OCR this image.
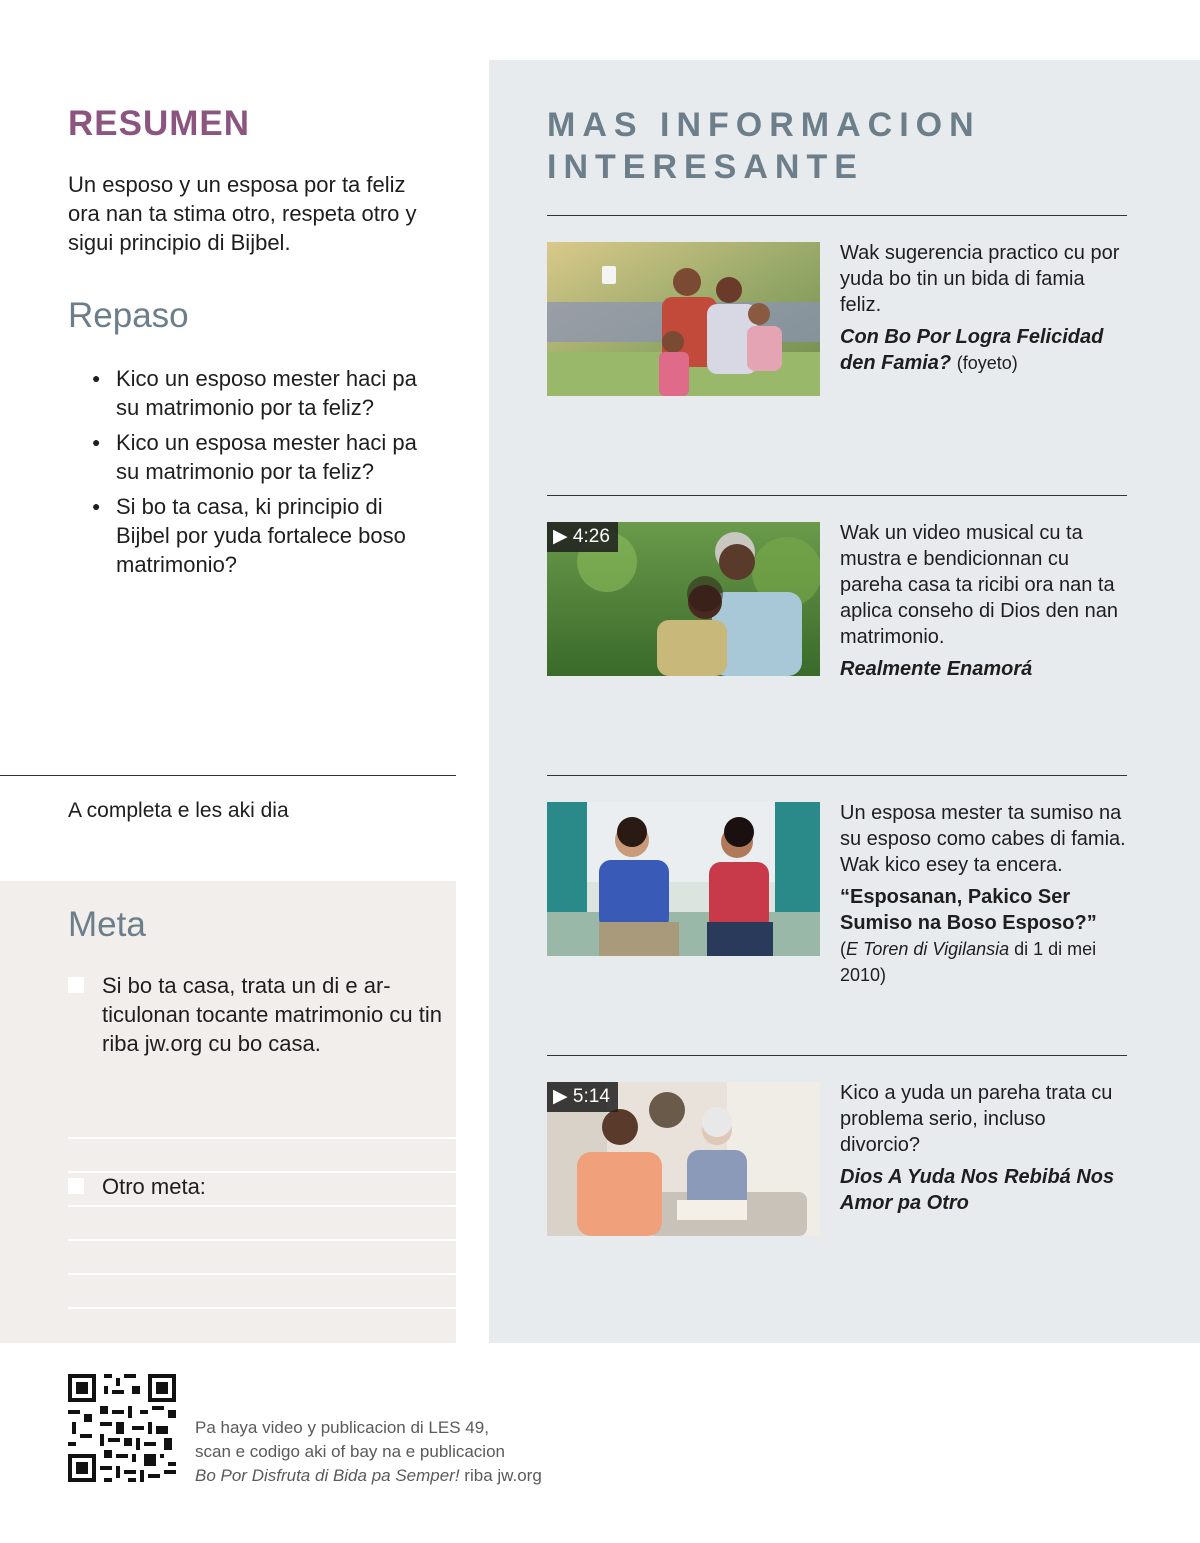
RESUMEN
Un esposo y un esposa por ta feliz ora nan ta stima otro, respeta otro y sigui principio di Bijbel.
Repaso
● Kico un esposo mester haci pa su matrimonio por ta feliz?
● Kico un esposa mester haci pa su matrimonio por ta feliz?
● Si bo ta casa, ki principio di Bijbel por yuda fortalece boso matrimonio?
A completa e les aki dia
Meta
Si bo ta casa, trata un di e ar-ticulonan tocante matrimonio cu tin riba jw.org cu bo casa.
Otro meta:
MAS INFORMACION
INTERESANTE
Wak sugerencia practico cu por yuda bo tin un bida di famia feliz.
Con Bo Por Logra Felicidad den Famia? (foyeto)
▶ 4:26	Wak un video musical cu ta mustra e bendicionnan cu pareha casa ta ricibi ora nan ta aplica conseho di Dios den nan matrimonio.
Realmente Enamorá
Un esposa mester ta sumiso na su esposo como cabes di famia. Wak kico esey ta encera.
“Esposanan, Pakico Ser Sumiso na Boso Esposo?”
(E Toren di Vigilansia di 1 di mei 2010)
▶ 5:14	Kico a yuda un pareha trata cu problema serio, incluso divorcio?
Dios A Yuda Nos Rebibá Nos Amor pa Otro
Pa haya video y publicacion di LES 49,
scan e codigo aki of bay na e publicacion
Bo Por Disfruta di Bida pa Semper! riba jw.org
